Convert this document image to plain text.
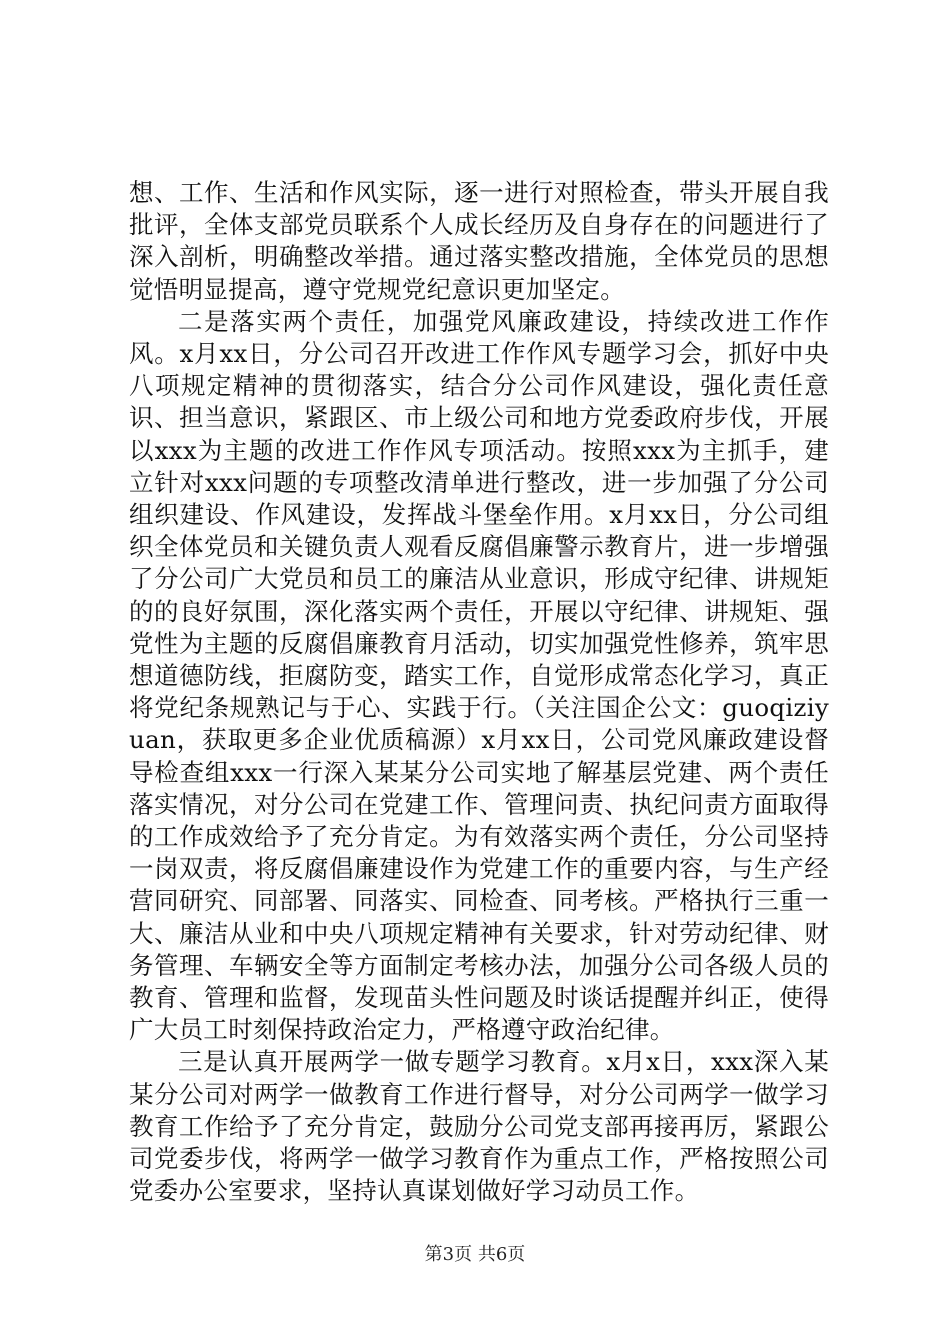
想、工作、生活和作风实际，逐一进行对照检查，带头开展自我批评，全体支部党员联系个人成长经历及自身存在的问题进行了深入剖析，明确整改举措。通过落实整改措施，全体党员的思想觉悟明显提高，遵守党规党纪意识更加坚定。

二是落实两个责任，加强党风廉政建设，持续改进工作作风。x月xx日，分公司召开改进工作作风专题学习会，抓好中央八项规定精神的贯彻落实，结合分公司作风建设，强化责任意识、担当意识，紧跟区、市上级公司和地方党委政府步伐，开展以xxx为主题的改进工作作风专项活动。按照xxx为主抓手，建立针对xxx问题的专项整改清单进行整改，进一步加强了分公司组织建设、作风建设，发挥战斗堡垒作用。x月xx日，分公司组织全体党员和关键负责人观看反腐倡廉警示教育片，进一步增强了分公司广大党员和员工的廉洁从业意识，形成守纪律、讲规矩的的良好氛围，深化落实两个责任，开展以守纪律、讲规矩、强党性为主题的反腐倡廉教育月活动，切实加强党性修养，筑牢思想道德防线，拒腐防变，踏实工作，自觉形成常态化学习，真正将党纪条规熟记与于心、实践于行。（关注国企公文：guoqiziyuan，获取更多企业优质稿源）x月xx日，公司党风廉政建设督导检查组xxx一行深入某某分公司实地了解基层党建、两个责任落实情况，对分公司在党建工作、管理问责、执纪问责方面取得的工作成效给予了充分肯定。为有效落实两个责任，分公司坚持一岗双责，将反腐倡廉建设作为党建工作的重要内容，与生产经营同研究、同部署、同落实、同检查、同考核。严格执行三重一大、廉洁从业和中央八项规定精神有关要求，针对劳动纪律、财务管理、车辆安全等方面制定考核办法，加强分公司各级人员的教育、管理和监督，发现苗头性问题及时谈话提醒并纠正，使得广大员工时刻保持政治定力，严格遵守政治纪律。

三是认真开展两学一做专题学习教育。x月x日，xxx深入某某分公司对两学一做教育工作进行督导，对分公司两学一做学习教育工作给予了充分肯定，鼓励分公司党支部再接再厉，紧跟公司党委步伐，将两学一做学习教育作为重点工作，严格按照公司党委办公室要求，坚持认真谋划做好学习动员工作。

第3页 共6页
